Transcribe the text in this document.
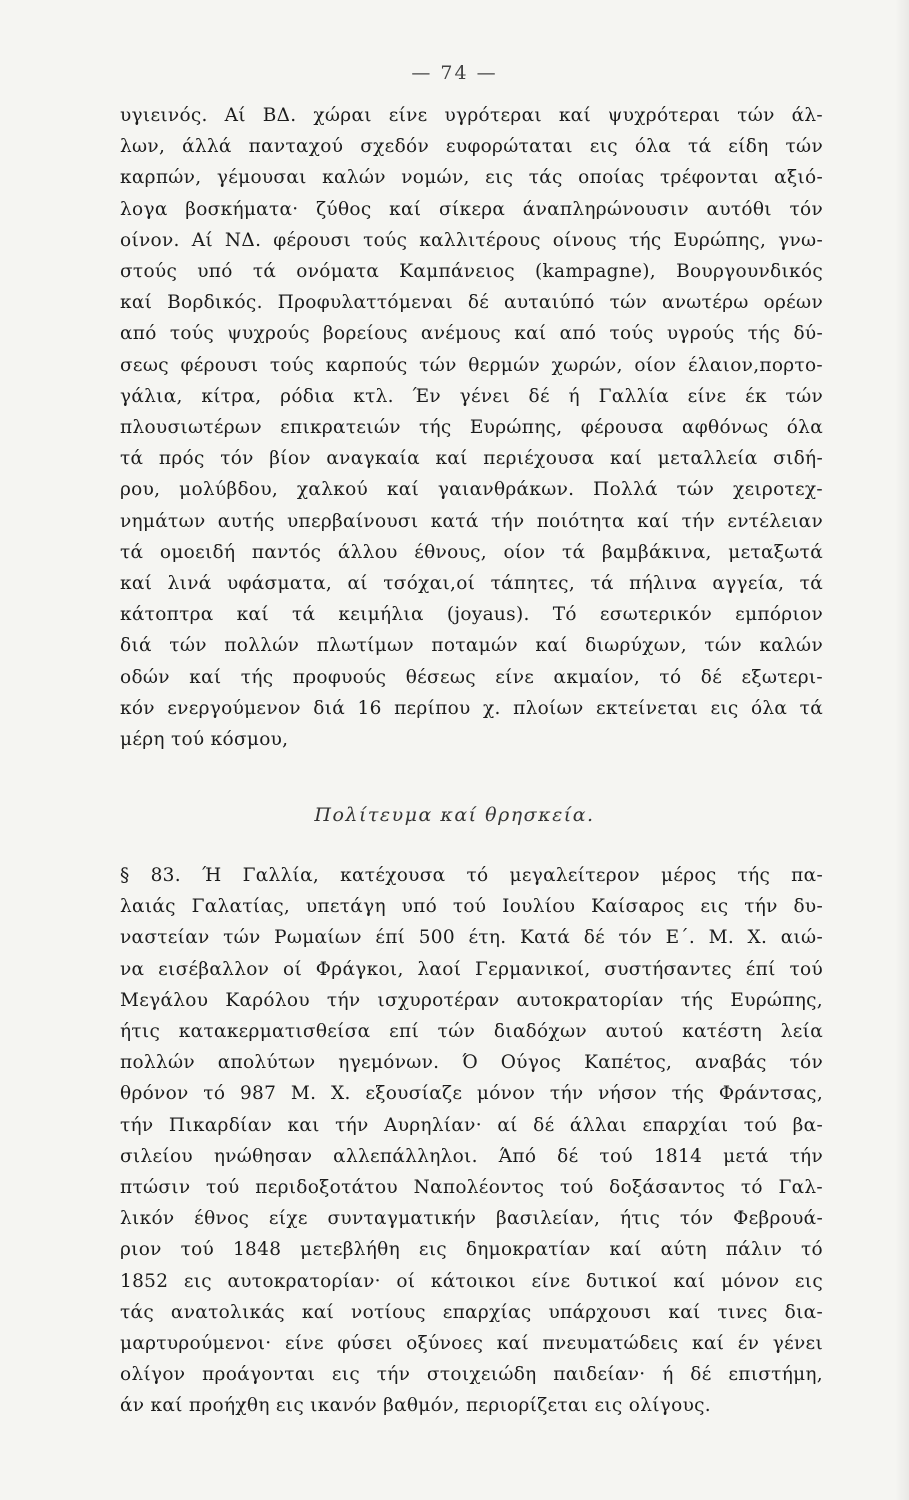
— 74 —
υγιεινός. Αί ΒΔ. χώραι είνε υγρότεραι καί ψυχρότεραι τών άλ-
λων, άλλά πανταχού σχεδόν ευφορώταται εις όλα τά είδη τών
καρπών, γέμουσαι καλών νομών, εις τάς οποίας τρέφονται αξιό-
λογα βοσκήματα· ζύθος καί σίκερα άναπληρώνουσιν αυτόθι τόν
οίνον. Αί ΝΔ. φέρουσι τούς καλλιτέρους οίνους τής Ευρώπης, γνω-
στούς υπό τά ονόματα Καμπάνειος (kampagne), Βουργουνδικός
καί Βορδικός. Προφυλαττόμεναι δέ αυταιύπό τών ανωτέρω ορέων
από τούς ψυχρούς βορείους ανέμους καί από τούς υγρούς τής δύ-
σεως φέρουσι τούς καρπούς τών θερμών χωρών, οίον έλαιον,πορτο-
γάλια, κίτρα, ρόδια κτλ. Έν γένει δέ ή Γαλλία είνε έκ τών
πλουσιωτέρων επικρατειών τής Ευρώπης, φέρουσα αφθόνως όλα
τά πρός τόν βίον αναγκαία καί περιέχουσα καί μεταλλεία σιδή-
ρου, μολύβδου, χαλκού καί γαιανθράκων. Πολλά τών χειροτεχ-
νημάτων αυτής υπερβαίνουσι κατά τήν ποιότητα καί τήν εντέλειαν
τά ομοειδή παντός άλλου έθνους, οίον τά βαμβάκινα, μεταξωτά
καί λινά υφάσματα, αί τσόχαι,οί τάπητες, τά πήλινα αγγεία, τά
κάτοπτρα καί τά κειμήλια (joyaus). Τό εσωτερικόν εμπόριον
διά τών πολλών πλωτίμων ποταμών καί διωρύχων, τών καλών
οδών καί τής προφυούς θέσεως είνε ακμαίον, τό δέ εξωτερι-
κόν ενεργούμενον διά 16 περίπου χ. πλοίων εκτείνεται εις όλα τά
μέρη τού κόσμου,
Πολίτευμα καί θρησκεία.
§ 83. Ή Γαλλία, κατέχουσα τό μεγαλείτερον μέρος τής πα-
λαιάς Γαλατίας, υπετάγη υπό τού Ιουλίου Καίσαρος εις τήν δυ-
ναστείαν τών Ρωμαίων έπί 500 έτη. Κατά δέ τόν Ε΄. Μ. Χ. αιώ-
να εισέβαλλον οί Φράγκοι, λαοί Γερμανικοί, συστήσαντες έπί τού
Μεγάλου Καρόλου τήν ισχυροτέραν αυτοκρατορίαν τής Ευρώπης,
ήτις κατακερματισθείσα επί τών διαδόχων αυτού κατέστη λεία
πολλών απολύτων ηγεμόνων. Ό Ούγος Καπέτος, αναβάς τόν
θρόνον τό 987 Μ. Χ. εξουσίαζε μόνον τήν νήσον τής Φράντσας,
τήν Πικαρδίαν και τήν Αυρηλίαν· αί δέ άλλαι επαρχίαι τού βα-
σιλείου ηνώθησαν αλλεπάλληλοι. Άπό δέ τού 1814 μετά τήν
πτώσιν τού περιδοξοτάτου Ναπολέοντος τού δοξάσαντος τό Γαλ-
λικόν έθνος είχε συνταγματικήν βασιλείαν, ήτις τόν Φεβρουά-
ριον τού 1848 μετεβλήθη εις δημοκρατίαν καί αύτη πάλιν τό
1852 εις αυτοκρατορίαν· οί κάτοικοι είνε δυτικοί καί μόνον εις
τάς ανατολικάς καί νοτίους επαρχίας υπάρχουσι καί τινες δια-
μαρτυρούμενοι· είνε φύσει οξύνοες καί πνευματώδεις καί έν γένει
ολίγον προάγονται εις τήν στοιχειώδη παιδείαν· ή δέ επιστήμη,
άν καί προήχθη εις ικανόν βαθμόν, περιορίζεται εις ολίγους.
